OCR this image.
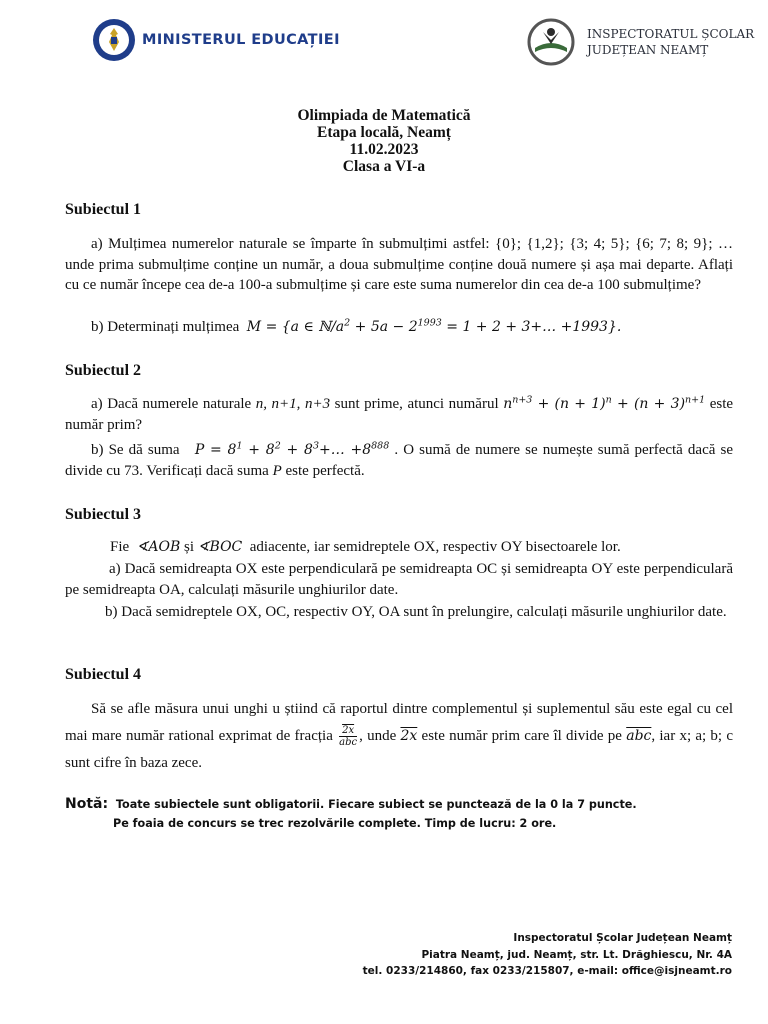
MINISTERUL EDUCAȚIEI	INSPECTORATUL ȘCOLAR
JUDEȚEAN NEAMȚ
Olimpiada de Matematică
Etapa locală, Neamț
11.02.2023
Clasa a VI-a
Subiectul 1
a) Mulțimea numerelor naturale se împarte în submulțimi astfel: {0}; {1,2}; {3; 4; 5}; {6; 7; 8; 9}; … unde prima submulțime conține un număr, a doua submulțime conține două numere și așa mai departe. Aflați cu ce număr începe cea de-a 100-a submulțime și care este suma numerelor din cea de-a 100 submulțime?
b) Determinați mulțimea M = {a ∈ $ℕ/a^2 + 5a - 2^{1993} = 1 + 2$ + 3+… +1993}.
Subiectul 2
a) Dacă numerele naturale n, n+1, n+3 sunt prime, atunci numărul $n^{n+3} + (n + 1)^n + (n + 3)^{n+1}$ este număr prim?
b) Se dă suma $P = 8^1 + 8^2$ + $8^3+\dots +8^{888}$ . O sumă de numere se numește sumă perfectă dacă se divide cu 73. Verificați dacă suma P este perfectă.
Subiectul 3
Fie ∢AOB și ∢BOC adiacente, iar semidreptele OX, respectiv OY bisectoarele lor.
a) Dacă semidreapta OX este perpendiculară pe semidreapta OC și semidreapta OY este perpendiculară pe semidreapta OA, calculați măsurile unghiurilor date.
b) Dacă semidreptele OX, OC, respectiv OY, OA sunt în prelungire, calculați măsurile unghiurilor date.
Subiectul 4
Să se afle măsura unui unghi u știind că raportul dintre complementul și suplementul său este egal cu cel mai mare număr rational exprimat de fracția $\frac{2x}{\text{abc}}$ , unde 2x este număr prim care îl divide pe $\overline{abc}$, iar x; a; b; c sunt cifre în baza zece.
Notă: Toate subiectele sunt obligatorii. Fiecare subiect se punctează de la 0 la 7 puncte.
Pe foaia de concurs se trec rezolvările complete. Timp de lucru: 2 ore.
Inspectoratul Școlar Județean Neamț
Piatra Neamț, jud. Neamț, str. Lt. Drăghiescu, Nr. 4A
tel. 0233/214860, fax 0233/215807, e-mail: office@isjneamt.ro
